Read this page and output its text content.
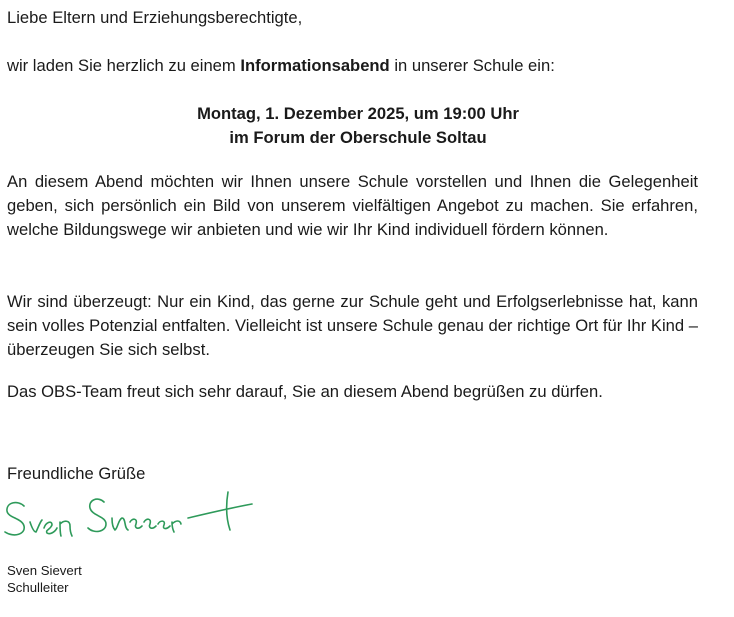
Liebe Eltern und Erziehungsberechtigte,

wir laden Sie herzlich zu einem Informationsabend in unserer Schule ein:

Montag, 1. Dezember 2025, um 19:00 Uhr
im Forum der Oberschule Soltau

An diesem Abend möchten wir Ihnen unsere Schule vorstellen und Ihnen die Gelegenheit geben, sich persönlich ein Bild von unserem vielfältigen Angebot zu machen. Sie erfahren, welche Bildungswege wir anbieten und wie wir Ihr Kind individuell fördern können.

Wir sind überzeugt: Nur ein Kind, das gerne zur Schule geht und Erfolgserlebnisse hat, kann sein volles Potenzial entfalten. Vielleicht ist unsere Schule genau der richtige Ort für Ihr Kind – überzeugen Sie sich selbst.

Das OBS-Team freut sich sehr darauf, Sie an diesem Abend begrüßen zu dürfen.

Freundliche Grüße

Sven Sievert
Schulleiter
